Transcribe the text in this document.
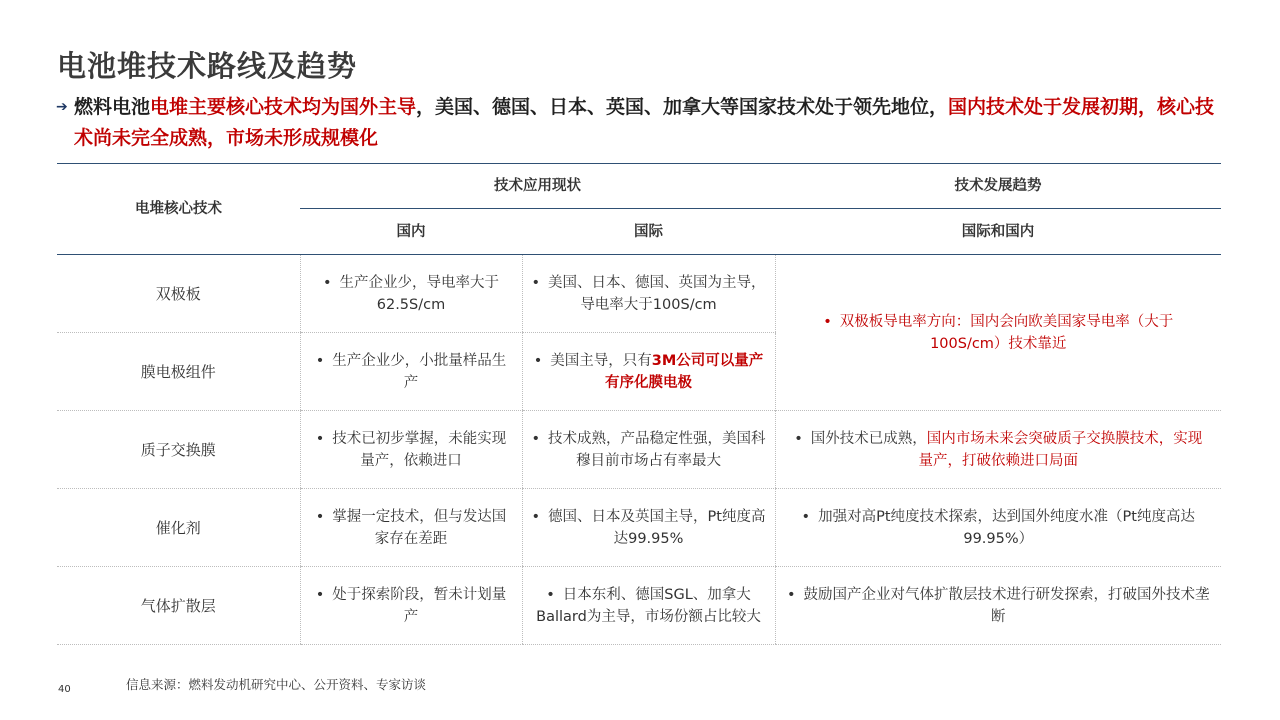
电池堆技术路线及趋势
➔ 燃料电池电堆主要核心技术均为国外主导，美国、德国、日本、英国、加拿大等国家技术处于领先地位，国内技术处于发展初期，核心技术尚未完全成熟，市场未形成规模化
电堆核心技术	技术应用现状		技术发展趋势
	国内	国际	国际和国内
双极板	• 生产企业少，导电率大于62.5S/cm	• 美国、日本、德国、英国为主导，导电率大于100S/cm	• 双极板导电率方向：国内会向欧美国家导电率（大于100S/cm）技术靠近
膜电极组件	• 生产企业少，小批量样品生产	• 美国主导，只有3M公司可以量产有序化膜电极
质子交换膜	• 技术已初步掌握，未能实现量产，依赖进口	• 技术成熟，产品稳定性强，美国科穆目前市场占有率最大	• 国外技术已成熟，国内市场未来会突破质子交换膜技术，实现量产，打破依赖进口局面
催化剂	• 掌握一定技术，但与发达国家存在差距	• 德国、日本及英国主导，Pt纯度高达99.95%	• 加强对高Pt纯度技术探索，达到国外纯度水准（Pt纯度高达99.95%）
气体扩散层	• 处于探索阶段，暂未计划量产	• 日本东利、德国SGL、加拿大Ballard为主导，市场份额占比较大	• 鼓励国产企业对气体扩散层技术进行研发探索，打破国外技术垄断
40	信息来源：燃料发动机研究中心、公开资料、专家访谈
